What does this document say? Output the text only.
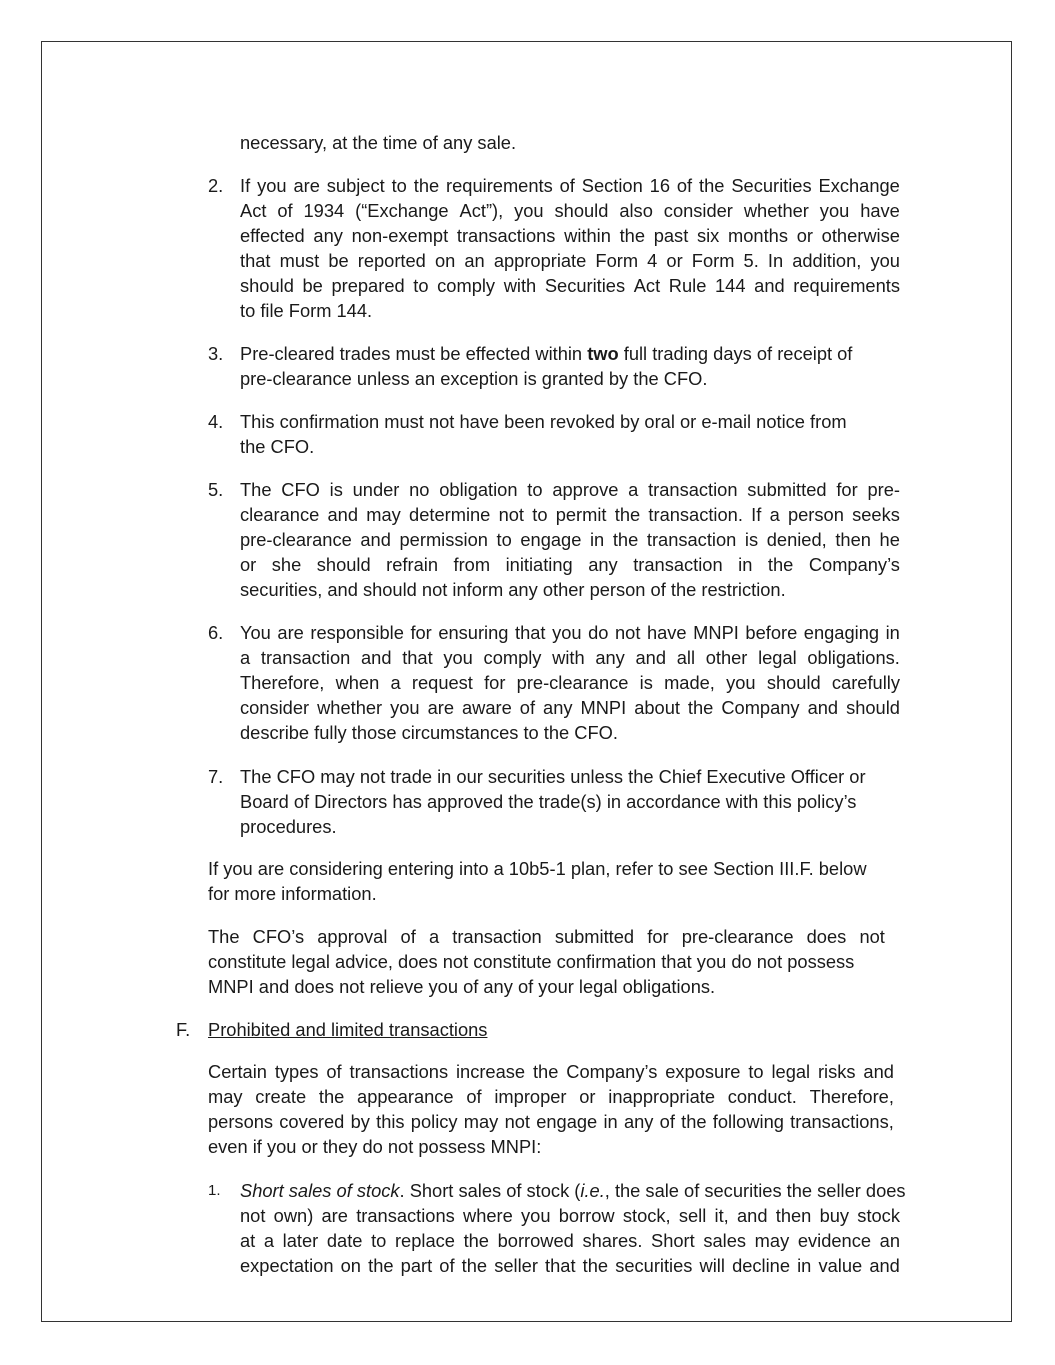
necessary, at the time of any sale.
2. If you are subject to the requirements of Section 16 of the Securities Exchange
Act of 1934 (“Exchange Act”), you should also consider whether you have
effected any non-exempt transactions within the past six months or otherwise
that must be reported on an appropriate Form 4 or Form 5. In addition, you
should be prepared to comply with Securities Act Rule 144 and requirements
to file Form 144.
3. Pre-cleared trades must be effected within two full trading days of receipt of
pre-clearance unless an exception is granted by the CFO.
4. This confirmation must not have been revoked by oral or e-mail notice from
the CFO.
5. The CFO is under no obligation to approve a transaction submitted for pre-
clearance and may determine not to permit the transaction. If a person seeks
pre-clearance and permission to engage in the transaction is denied, then he
or she should refrain from initiating any transaction in the Company’s
securities, and should not inform any other person of the restriction.
6. You are responsible for ensuring that you do not have MNPI before engaging in
a transaction and that you comply with any and all other legal obligations.
Therefore, when a request for pre-clearance is made, you should carefully
consider whether you are aware of any MNPI about the Company and should
describe fully those circumstances to the CFO.
7. The CFO may not trade in our securities unless the Chief Executive Officer or
Board of Directors has approved the trade(s) in accordance with this policy’s
procedures.
If you are considering entering into a 10b5-1 plan, refer to see Section III.F. below
for more information.
The CFO’s approval of a transaction submitted for pre-clearance does not
constitute legal advice, does not constitute confirmation that you do not possess
MNPI and does not relieve you of any of your legal obligations.
F. Prohibited and limited transactions
Certain types of transactions increase the Company’s exposure to legal risks and
may create the appearance of improper or inappropriate conduct. Therefore,
persons covered by this policy may not engage in any of the following transactions,
even if you or they do not possess MNPI:
1. Short sales of stock. Short sales of stock (i.e., the sale of securities the seller does
not own) are transactions where you borrow stock, sell it, and then buy stock
at a later date to replace the borrowed shares. Short sales may evidence an
expectation on the part of the seller that the securities will decline in value and
